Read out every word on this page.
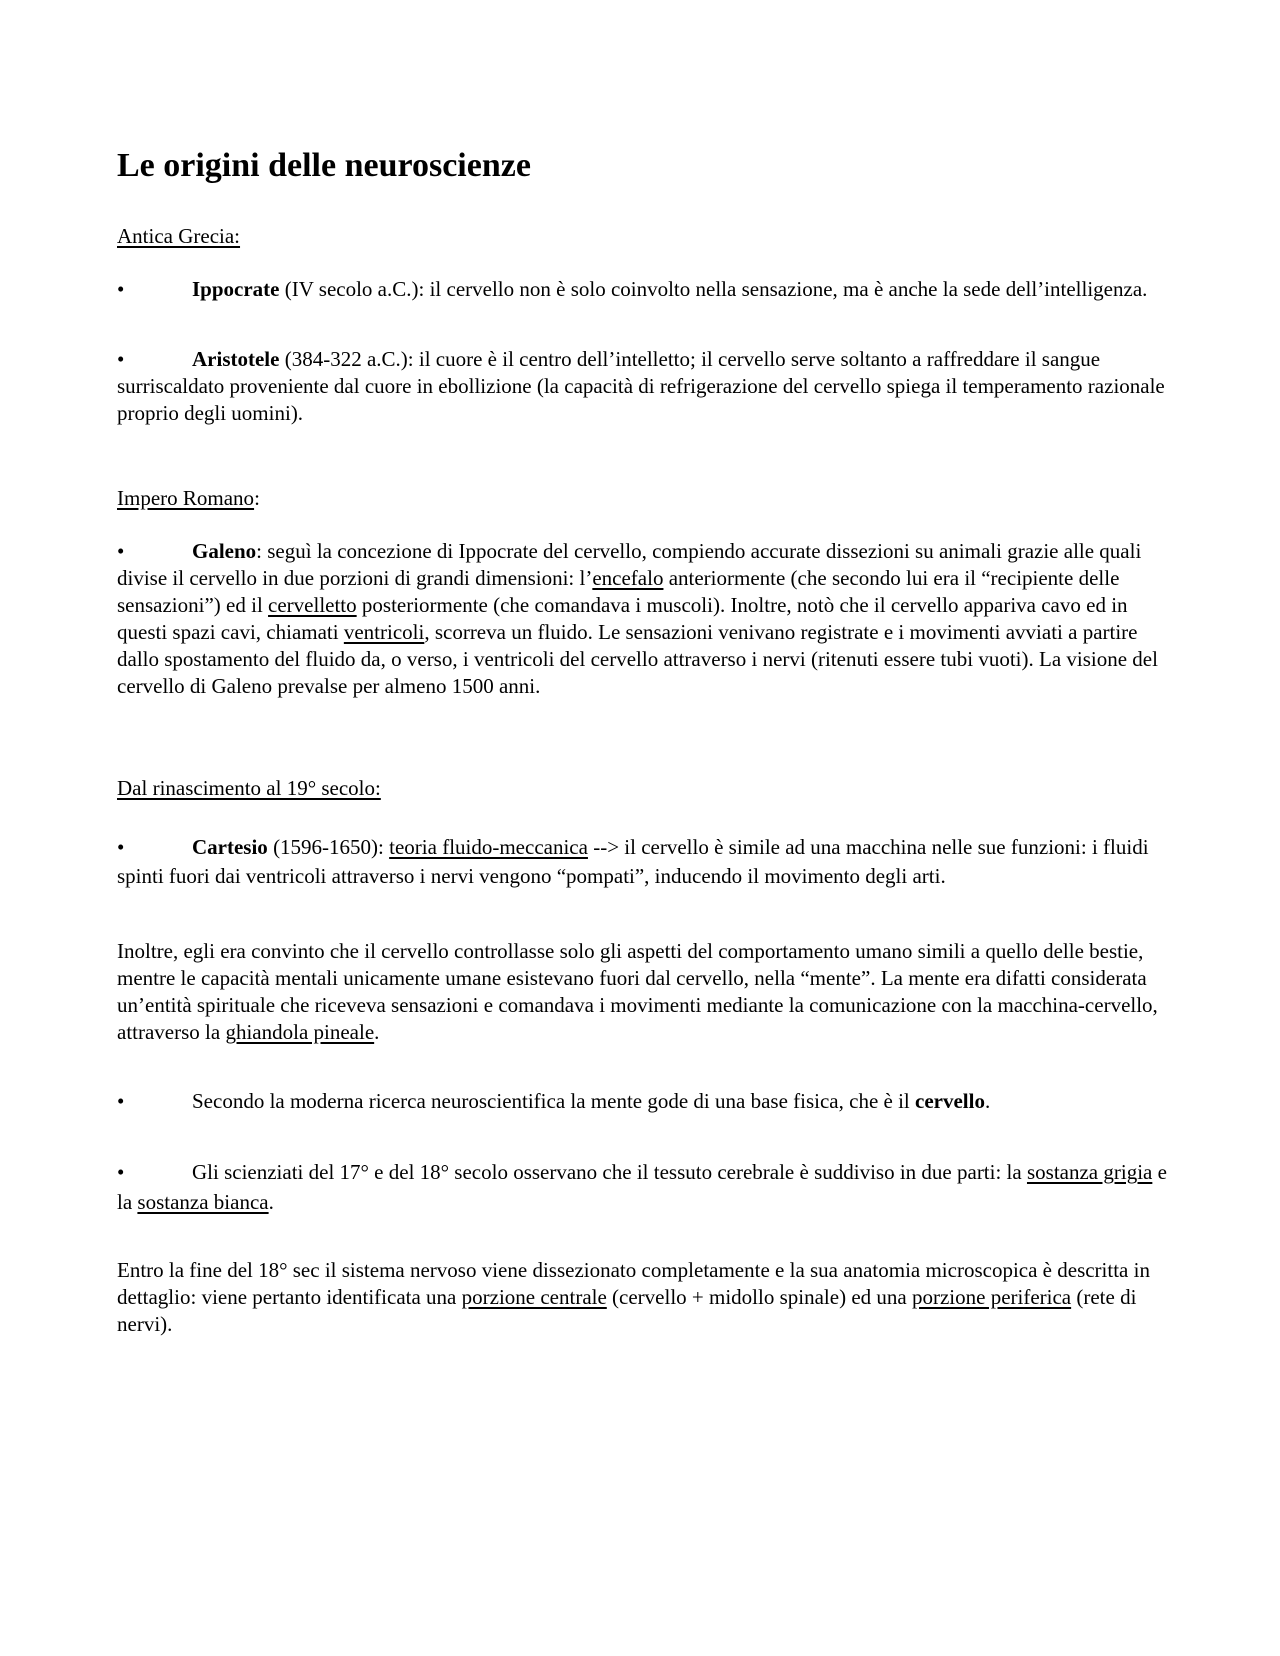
Le origini delle neuroscienze

Antica Grecia:

•	Ippocrate (IV secolo a.C.): il cervello non è solo coinvolto nella sensazione, ma è anche la sede dell’intelligenza.

•	Aristotele (384-322 a.C.): il cuore è il centro dell’intelletto; il cervello serve soltanto a raffreddare il sangue surriscaldato proveniente dal cuore in ebollizione (la capacità di refrigerazione del cervello spiega il temperamento razionale proprio degli uomini).

Impero Romano:

•	Galeno: seguì la concezione di Ippocrate del cervello, compiendo accurate dissezioni su animali grazie alle quali divise il cervello in due porzioni di grandi dimensioni: l’encefalo anteriormente (che secondo lui era il “recipiente delle sensazioni”) ed il cervelletto posteriormente (che comandava i muscoli). Inoltre, notò che il cervello appariva cavo ed in questi spazi cavi, chiamati ventricoli, scorreva un fluido. Le sensazioni venivano registrate e i movimenti avviati a partire dallo spostamento del fluido da, o verso, i ventricoli del cervello attraverso i nervi (ritenuti essere tubi vuoti). La visione del cervello di Galeno prevalse per almeno 1500 anni.

Dal rinascimento al 19° secolo:

•	Cartesio (1596-1650): teoria fluido-meccanica --> il cervello è simile ad una macchina nelle sue funzioni: i fluidi spinti fuori dai ventricoli attraverso i nervi vengono “pompati”, inducendo il movimento degli arti.

Inoltre, egli era convinto che il cervello controllasse solo gli aspetti del comportamento umano simili a quello delle bestie, mentre le capacità mentali unicamente umane esistevano fuori dal cervello, nella “mente”. La mente era difatti considerata un’entità spirituale che riceveva sensazioni e comandava i movimenti mediante la comunicazione con la macchina-cervello, attraverso la ghiandola pineale.

•	Secondo la moderna ricerca neuroscientifica la mente gode di una base fisica, che è il cervello.

•	Gli scienziati del 17° e del 18° secolo osservano che il tessuto cerebrale è suddiviso in due parti: la sostanza grigia e la sostanza bianca.

Entro la fine del 18° sec il sistema nervoso viene dissezionato completamente e la sua anatomia microscopica è descritta in dettaglio: viene pertanto identificata una porzione centrale (cervello + midollo spinale) ed una porzione periferica (rete di nervi).
